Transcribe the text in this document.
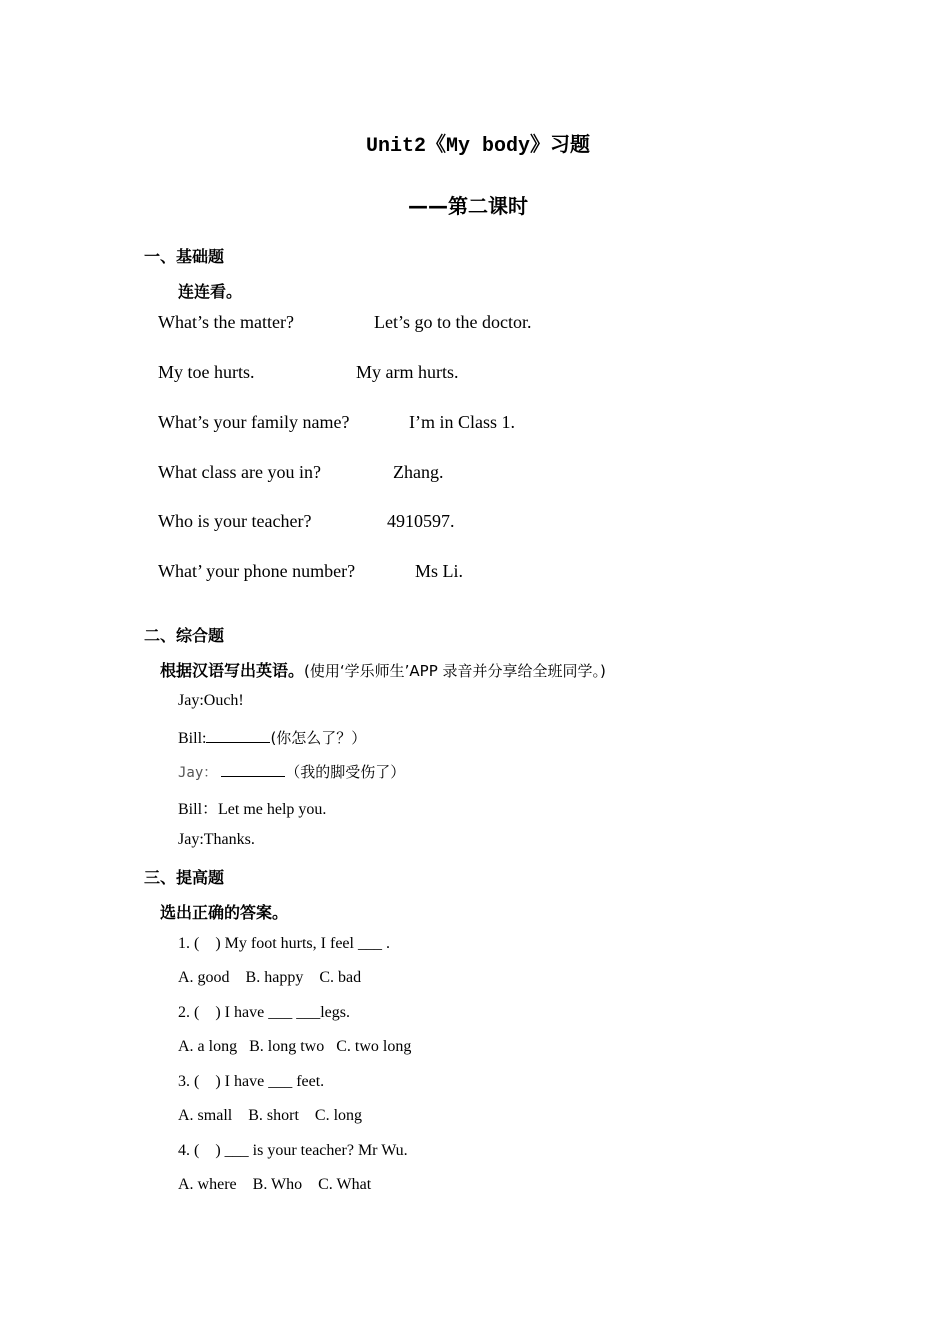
Unit2《My body》习题
——第二课时
一、基础题
连连看。
What’s the matter?	Let’s go to the doctor.
My toe hurts.	My arm hurts.
What’s your family name?	I’m in Class 1.
What class are you in?	Zhang.
Who is your teacher?	4910597.
What’ your phone number?	Ms Li.
二、综合题
根据汉语写出英语。(使用‘学乐师生’APP 录音并分享给全班同学。)
Jay:Ouch!
Bill:	(你怎么了？）
Jay：	（我的脚受伤了）
Bill：Let me help you.
Jay:Thanks.
三、提高题
选出正确的答案。
1. (    ) My foot hurts, I feel ___ .
A. good    B. happy    C. bad
2. (    ) I have ___ ___legs.
A. a long   B. long two   C. two long
3. (    ) I have ___ feet.
A. small    B. short    C. long
4. (    ) ___ is your teacher? Mr Wu.
A. where    B. Who    C. What
